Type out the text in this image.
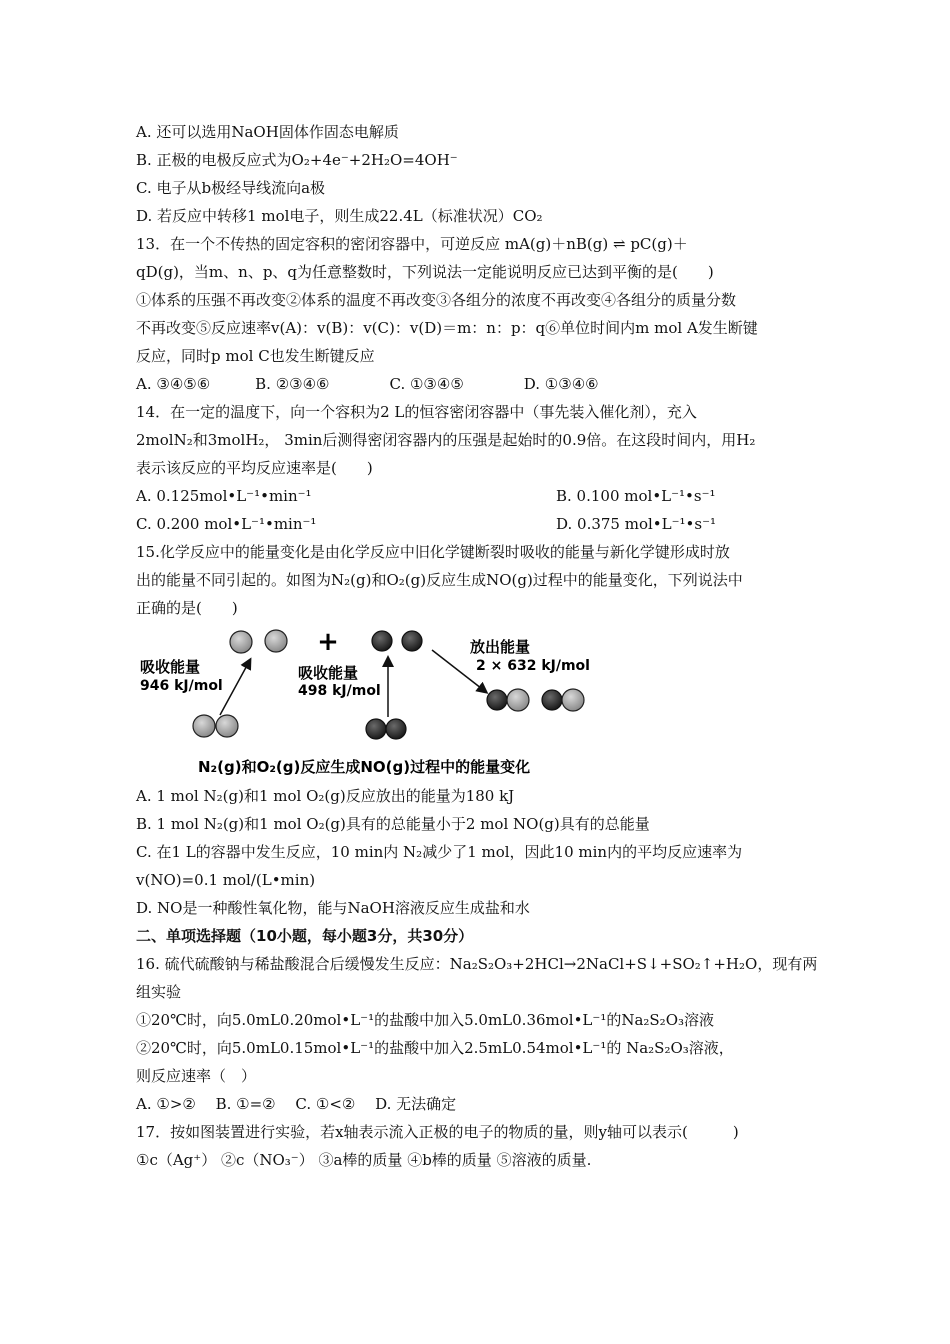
A. 还可以选用NaOH固体作固态电解质
B. 正极的电极反应式为O₂+4e⁻+2H₂O=4OH⁻
C. 电子从b极经导线流向a极
D. 若反应中转移1 mol电子，则生成22.4L（标准状况）CO₂
13．在一个不传热的固定容积的密闭容器中，可逆反应 mA(g)＋nB(g) ⇌ pC(g)＋
qD(g)，当m、n、p、q为任意整数时，下列说法一定能说明反应已达到平衡的是(　　)
①体系的压强不再改变②体系的温度不再改变③各组分的浓度不再改变④各组分的质量分数
不再改变⑤反应速率v(A)：v(B)：v(C)：v(D)＝m：n：p：q⑥单位时间内m mol A发生断键
反应，同时p mol C也发生断键反应
A. ③④⑤⑥　　　B. ②③④⑥　　　　C. ①③④⑤　　　　D. ①③④⑥
14．在一定的温度下，向一个容积为2 L的恒容密闭容器中（事先装入催化剂），充入
2molN₂和3molH₂， 3min后测得密闭容器内的压强是起始时的0.9倍。在这段时间内，用H₂
表示该反应的平均反应速率是(　　)
A. 0.125mol•L⁻¹•min⁻¹	B. 0.100 mol•L⁻¹•s⁻¹
C. 0.200 mol•L⁻¹•min⁻¹	D. 0.375 mol•L⁻¹•s⁻¹
15.化学反应中的能量变化是由化学反应中旧化学键断裂时吸收的能量与新化学键形成时放
出的能量不同引起的。如图为N₂(g)和O₂(g)反应生成NO(g)过程中的能量变化，下列说法中
正确的是(　　)
+
吸收能量
946 kJ/mol
吸收能量
498 kJ/mol
放出能量
2 × 632 kJ/mol
N₂(g)和O₂(g)反应生成NO(g)过程中的能量变化
A. 1 mol N₂(g)和1 mol O₂(g)反应放出的能量为180 kJ
B. 1 mol N₂(g)和1 mol O₂(g)具有的总能量小于2 mol NO(g)具有的总能量
C. 在1 L的容器中发生反应，10 min内 N₂减少了1 mol，因此10 min内的平均反应速率为
v(NO)=0.1 mol/(L•min)
D. NO是一种酸性氧化物，能与NaOH溶液反应生成盐和水
二、单项选择题（10小题，每小题3分，共30分）
16. 硫代硫酸钠与稀盐酸混合后缓慢发生反应：Na₂S₂O₃+2HCl→2NaCl+S↓+SO₂↑+H₂O，现有两
组实验
①20℃时，向5.0mL0.20mol•L⁻¹的盐酸中加入5.0mL0.36mol•L⁻¹的Na₂S₂O₃溶液
②20℃时，向5.0mL0.15mol•L⁻¹的盐酸中加入2.5mL0.54mol•L⁻¹的 Na₂S₂O₃溶液，
则反应速率（　）
A. ①>②　 B. ①=②　 C. ①<②　 D. 无法确定
17．按如图装置进行实验，若x轴表示流入正极的电子的物质的量，则y轴可以表示(　　　)
①c（Ag⁺） ②c（NO₃⁻） ③a棒的质量 ④b棒的质量 ⑤溶液的质量.
